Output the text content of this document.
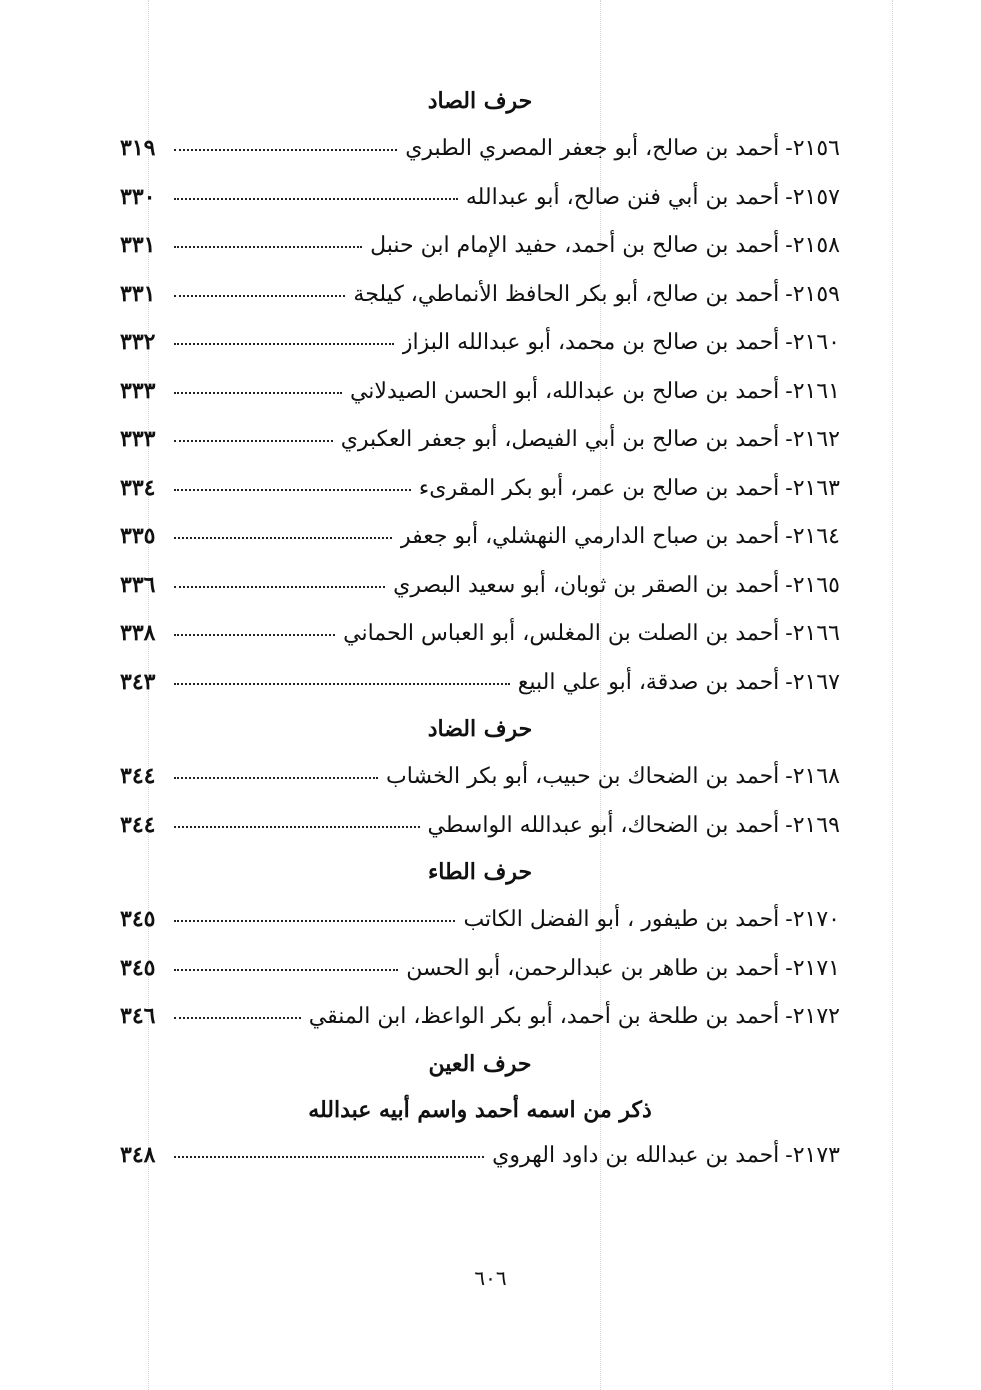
حرف الصاد
٢١٥٦-
أحمد بن صالح، أبو جعفر المصري الطبري
٣١٩
٢١٥٧-
أحمد بن أبي فنن صالح، أبو عبدالله
٣٣٠
٢١٥٨-
أحمد بن صالح بن أحمد، حفيد الإمام ابن حنبل
٣٣١
٢١٥٩-
أحمد بن صالح، أبو بكر الحافظ الأنماطي، كيلجة
٣٣١
٢١٦٠-
أحمد بن صالح بن محمد، أبو عبدالله البزاز
٣٣٢
٢١٦١-
أحمد بن صالح بن عبدالله، أبو الحسن الصيدلاني
٣٣٣
٢١٦٢-
أحمد بن صالح بن أبي الفيصل، أبو جعفر العكبري
٣٣٣
٢١٦٣-
أحمد بن صالح بن عمر، أبو بكر المقرىء
٣٣٤
٢١٦٤-
أحمد بن صباح الدارمي النهشلي، أبو جعفر
٣٣٥
٢١٦٥-
أحمد بن الصقر بن ثوبان، أبو سعيد البصري
٣٣٦
٢١٦٦-
أحمد بن الصلت بن المغلس، أبو العباس الحماني
٣٣٨
٢١٦٧-
أحمد بن صدقة، أبو علي البيع
٣٤٣
حرف الضاد
٢١٦٨-
أحمد بن الضحاك بن حبيب، أبو بكر الخشاب
٣٤٤
٢١٦٩-
أحمد بن الضحاك، أبو عبدالله الواسطي
٣٤٤
حرف الطاء
٢١٧٠-
أحمد بن طيفور ، أبو الفضل الكاتب
٣٤٥
٢١٧١-
أحمد بن طاهر بن عبدالرحمن، أبو الحسن
٣٤٥
٢١٧٢-
أحمد بن طلحة بن أحمد، أبو بكر الواعظ، ابن المنقي
٣٤٦
حرف العين
ذكر من اسمه أحمد واسم أبيه عبدالله
٢١٧٣-
أحمد بن عبدالله بن داود الهروي
٣٤٨
٦٠٦
